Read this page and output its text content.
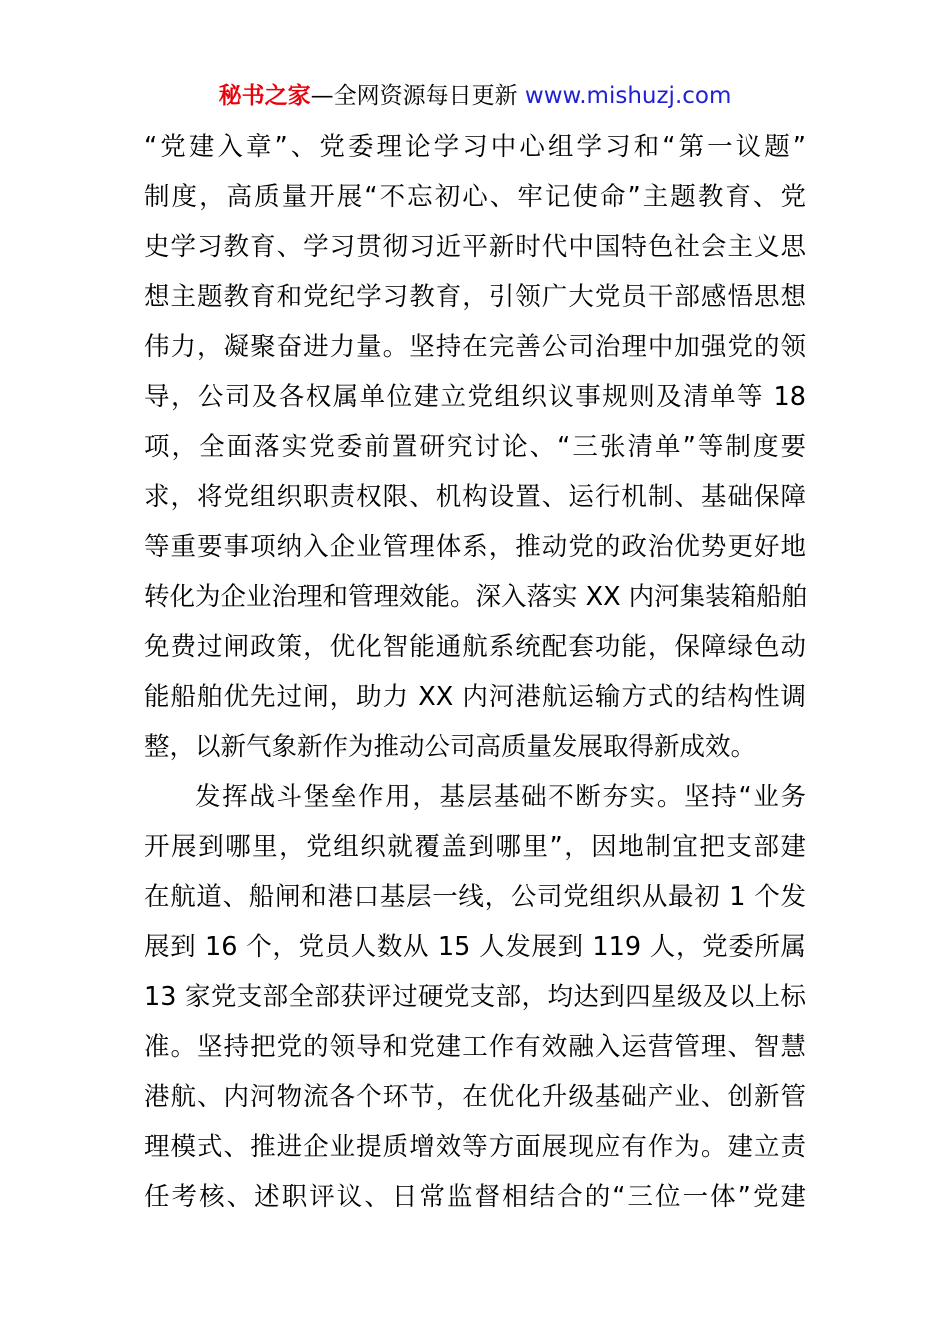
秘书之家—全网资源每日更新 www.mishuzj.com
“党建入章”、党委理论学习中心组学习和“第一议题”
制度，高质量开展“不忘初心、牢记使命”主题教育、党
史学习教育、学习贯彻习近平新时代中国特色社会主义思
想主题教育和党纪学习教育，引领广大党员干部感悟思想
伟力，凝聚奋进力量。坚持在完善公司治理中加强党的领
导，公司及各权属单位建立党组织议事规则及清单等 18
项，全面落实党委前置研究讨论、“三张清单”等制度要
求，将党组织职责权限、机构设置、运行机制、基础保障
等重要事项纳入企业管理体系，推动党的政治优势更好地
转化为企业治理和管理效能。深入落实 XX 内河集装箱船舶
免费过闸政策，优化智能通航系统配套功能，保障绿色动
能船舶优先过闸，助力 XX 内河港航运输方式的结构性调
整，以新气象新作为推动公司高质量发展取得新成效。
发挥战斗堡垒作用，基层基础不断夯实。坚持“业务
开展到哪里，党组织就覆盖到哪里”，因地制宜把支部建
在航道、船闸和港口基层一线，公司党组织从最初 1 个发
展到 16 个，党员人数从 15 人发展到 119 人，党委所属
13 家党支部全部获评过硬党支部，均达到四星级及以上标
准。坚持把党的领导和党建工作有效融入运营管理、智慧
港航、内河物流各个环节，在优化升级基础产业、创新管
理模式、推进企业提质增效等方面展现应有作为。建立责
任考核、述职评议、日常监督相结合的“三位一体”党建
